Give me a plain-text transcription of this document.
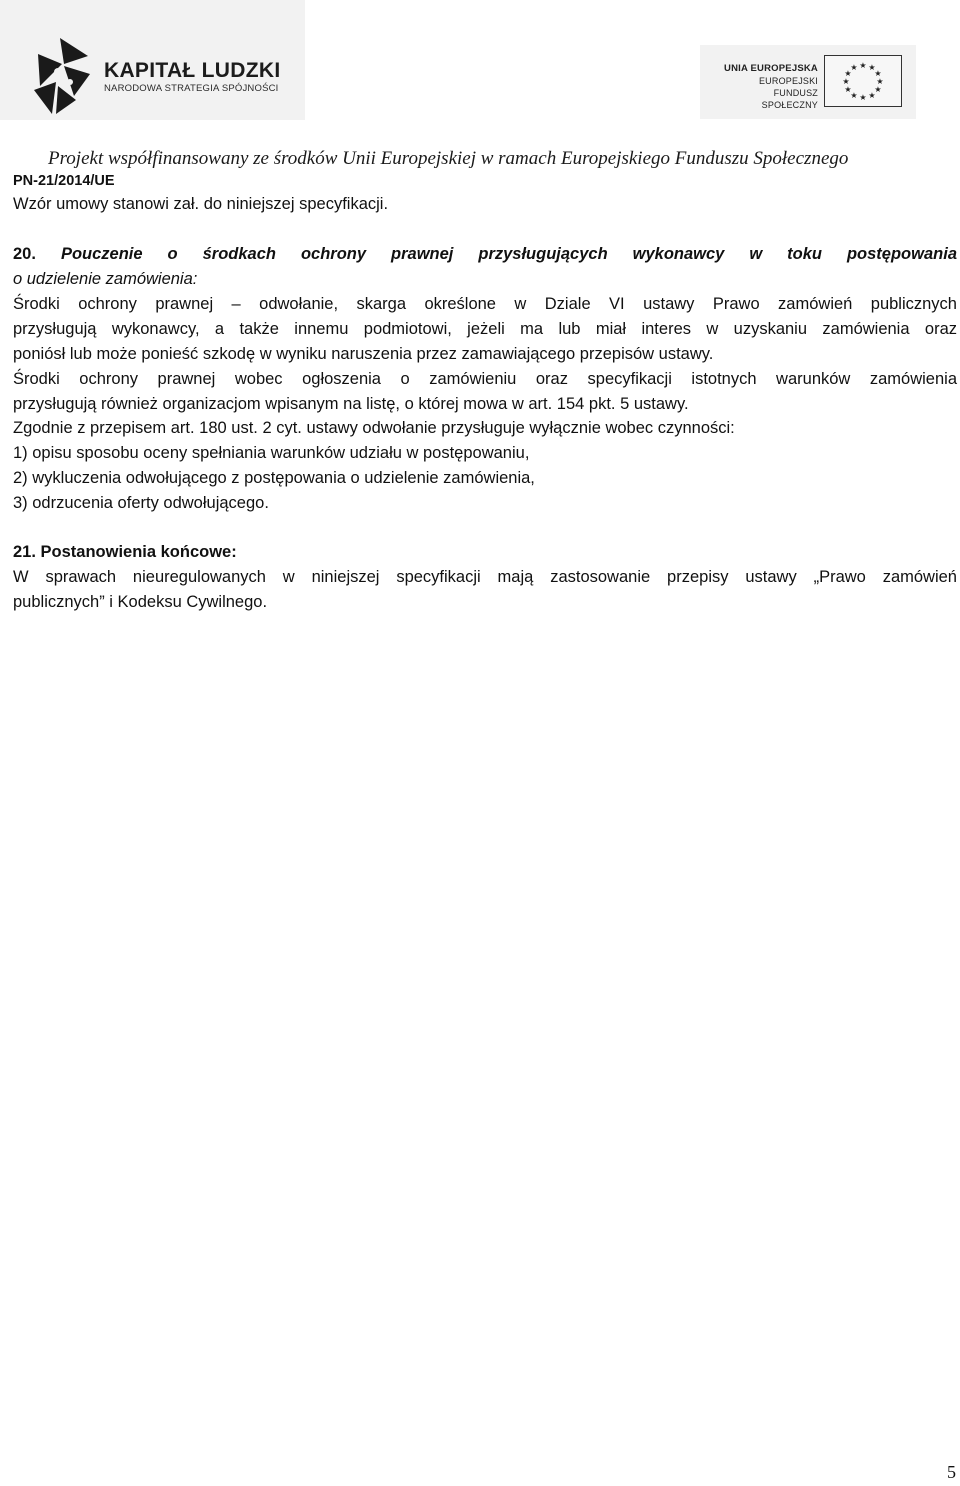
KAPITAŁ LUDZKI
NARODOWA STRATEGIA SPÓJNOŚCI
UNIA EUROPEJSKA
EUROPEJSKI
FUNDUSZ SPOŁECZNY
★ ★
★
★
★
★
★
★
★
★
★
★
Projekt współfinansowany ze środków Unii Europejskiej w ramach Europejskiego Funduszu Społecznego
PN-21/2014/UE
Wzór umowy stanowi zał. do niniejszej specyfikacji.
20. Pouczenie o środkach ochrony prawnej przysługujących wykonawcy w toku postępowania
o udzielenie zamówienia:
Środki ochrony prawnej – odwołanie, skarga określone w Dziale VI ustawy Prawo zamówień publicznych
przysługują wykonawcy, a także innemu podmiotowi, jeżeli ma lub miał interes w uzyskaniu zamówienia oraz
poniósł lub może ponieść szkodę w wyniku naruszenia przez zamawiającego przepisów ustawy.
Środki ochrony prawnej wobec ogłoszenia o zamówieniu oraz specyfikacji istotnych warunków zamówienia
przysługują również organizacjom wpisanym na listę, o której mowa w art. 154 pkt. 5 ustawy.
Zgodnie z przepisem art. 180 ust. 2 cyt. ustawy odwołanie przysługuje wyłącznie wobec czynności:
1) opisu sposobu oceny spełniania warunków udziału w postępowaniu,
2) wykluczenia odwołującego z postępowania o udzielenie zamówienia,
3) odrzucenia oferty odwołującego.
21. Postanowienia końcowe:
W sprawach nieuregulowanych w niniejszej specyfikacji mają zastosowanie przepisy ustawy „Prawo zamówień
publicznych” i Kodeksu Cywilnego.
5
